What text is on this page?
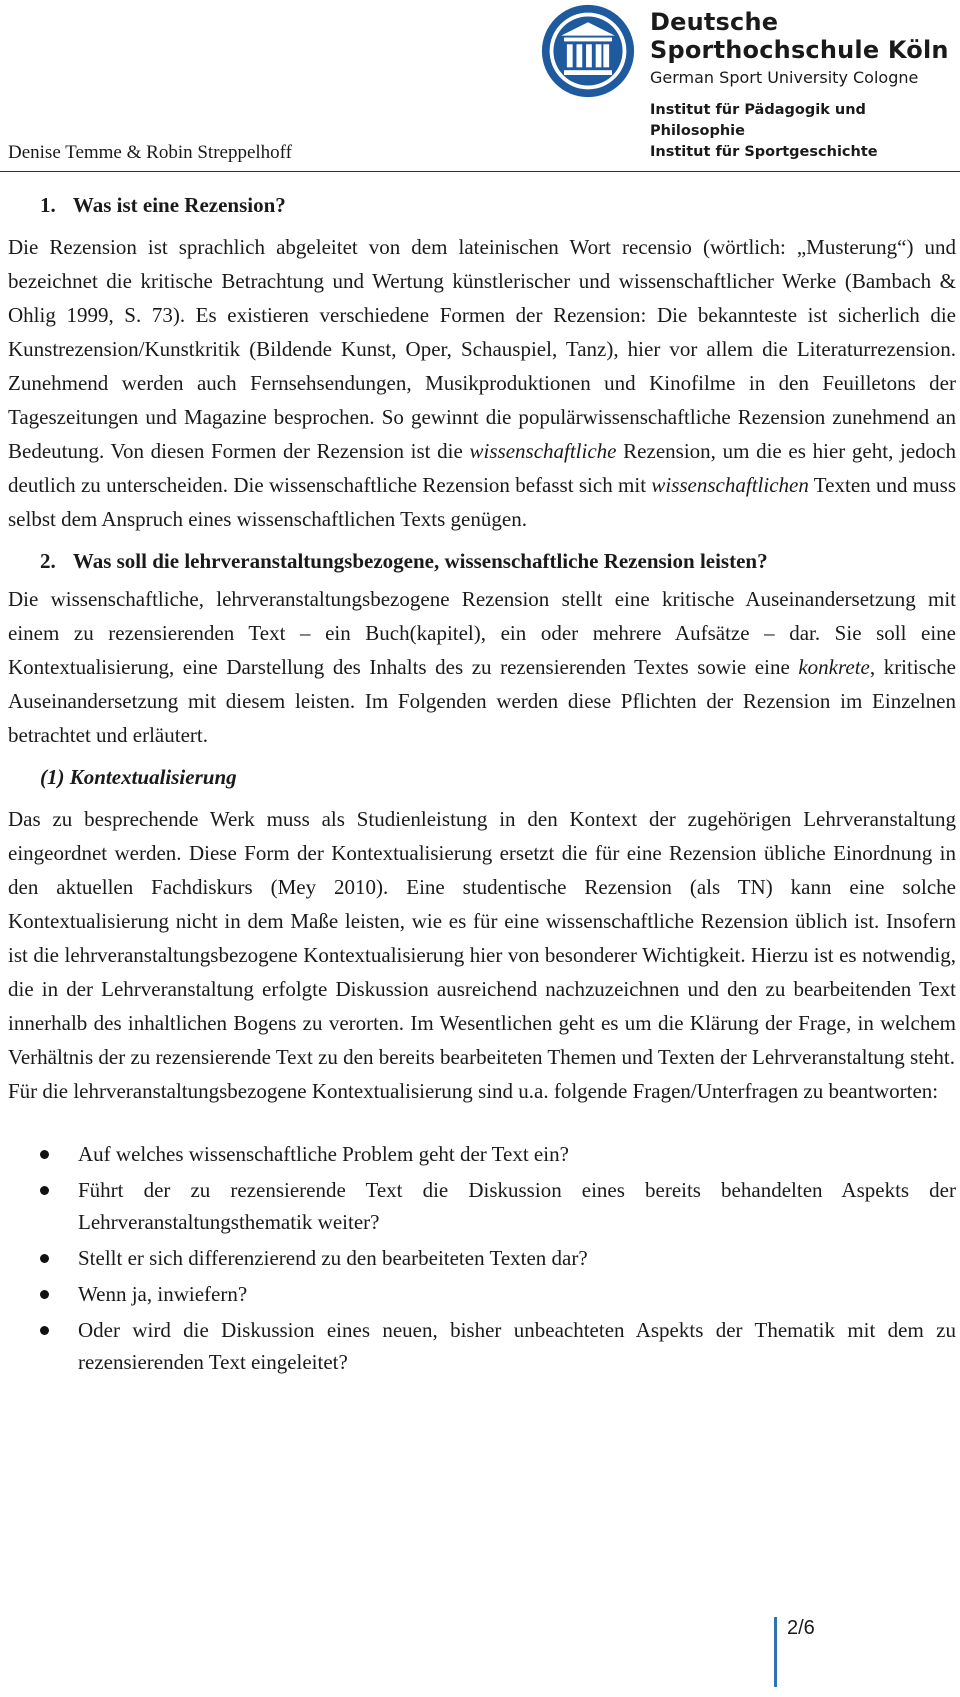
Deutsche
Sporthochschule Köln
German Sport University Cologne
Institut für Pädagogik und Philosophie
Institut für Sportgeschichte
Denise Temme & Robin Streppelhoff
1. Was ist eine Rezension?

Die Rezension ist sprachlich abgeleitet von dem lateinischen Wort recensio (wörtlich: „Musterung“) und bezeichnet die kritische Betrachtung und Wertung künstlerischer und wissenschaftlicher Werke (Bambach & Ohlig 1999, S. 73). Es existieren verschiedene Formen der Rezension: Die bekannteste ist sicherlich die Kunstrezension/Kunstkritik (Bildende Kunst, Oper, Schauspiel, Tanz), hier vor allem die Literaturrezension. Zunehmend werden auch Fernsehsendungen, Musikproduktionen und Kinofilme in den Feuilletons der Tageszeitungen und Magazine besprochen. So gewinnt die populärwissenschaftliche Rezension zunehmend an Bedeutung. Von diesen Formen der Rezension ist die wissenschaftliche Rezension, um die es hier geht, jedoch deutlich zu unterscheiden. Die wissenschaftliche Rezension befasst sich mit wissenschaftlichen Texten und muss selbst dem Anspruch eines wissenschaftlichen Texts genügen.

2. Was soll die lehrveranstaltungsbezogene, wissenschaftliche Rezension leisten?

Die wissenschaftliche, lehrveranstaltungsbezogene Rezension stellt eine kritische Auseinandersetzung mit einem zu rezensierenden Text – ein Buch(kapitel), ein oder mehrere Aufsätze – dar. Sie soll eine Kontextualisierung, eine Darstellung des Inhalts des zu rezensierenden Textes sowie eine konkrete, kritische Auseinandersetzung mit diesem leisten. Im Folgenden werden diese Pflichten der Rezension im Einzelnen betrachtet und erläutert.

(1) Kontextualisierung

Das zu besprechende Werk muss als Studienleistung in den Kontext der zugehörigen Lehrveranstaltung eingeordnet werden. Diese Form der Kontextualisierung ersetzt die für eine Rezension übliche Einordnung in den aktuellen Fachdiskurs (Mey 2010). Eine studentische Rezension (als TN) kann eine solche Kontextualisierung nicht in dem Maße leisten, wie es für eine wissenschaftliche Rezension üblich ist. Insofern ist die lehrveranstaltungsbezogene Kontextualisierung hier von besonderer Wichtigkeit. Hierzu ist es notwendig, die in der Lehrveranstaltung erfolgte Diskussion ausreichend nachzuzeichnen und den zu bearbeitenden Text innerhalb des inhaltlichen Bogens zu verorten. Im Wesentlichen geht es um die Klärung der Frage, in welchem Verhältnis der zu rezensierende Text zu den bereits bearbeiteten Themen und Texten der Lehrveranstaltung steht.

Für die lehrveranstaltungsbezogene Kontextualisierung sind u.a. folgende Fragen/Unterfragen zu beantworten:

Auf welches wissenschaftliche Problem geht der Text ein?
Führt der zu rezensierende Text die Diskussion eines bereits behandelten Aspekts der Lehrveranstaltungsthematik weiter?
Stellt er sich differenzierend zu den bearbeiteten Texten dar?
Wenn ja, inwiefern?
Oder wird die Diskussion eines neuen, bisher unbeachteten Aspekts der Thematik mit dem zu rezensierenden Text eingeleitet?
2/6
